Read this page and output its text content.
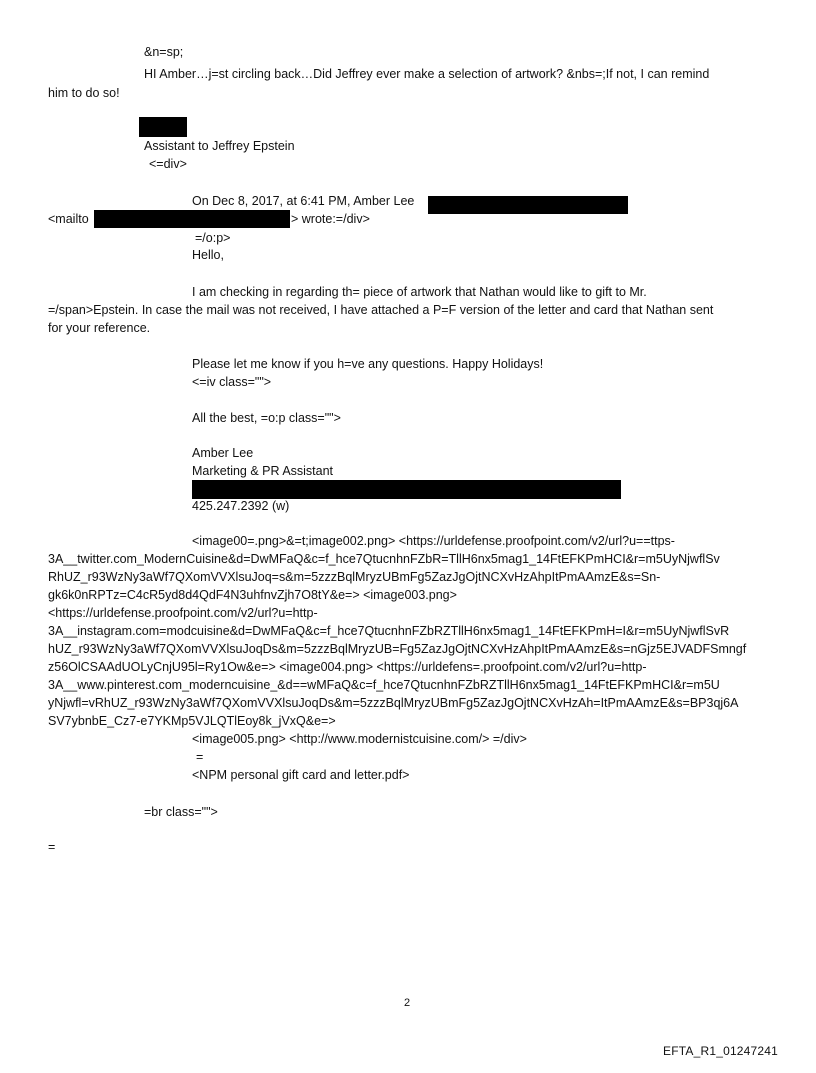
&n=sp;
HI Amber…j=st circling back…Did Jeffrey ever make a selection of artwork? &nbs=;If not, I can remind
him to do so!
Assistant to Jeffrey Epstein
<=div>
On Dec 8, 2017, at 6:41 PM, Amber Lee
<mailto	> wrote:=/div>
=/o:p>
Hello,
I am checking in regarding th= piece of artwork that Nathan would like to gift to Mr.
=/span>Epstein. In case the mail was not received, I have attached a P=F version of the letter and card that Nathan sent
for your reference.
Please let me know if you h=ve any questions. Happy Holidays!
<=iv class="">
All the best, =o:p class="">
Amber Lee
Marketing & PR Assistant
425.247.2392 (w)
<image00=.png>&=t;image002.png> <https://urldefense.proofpoint.com/v2/url?u==ttps-
3A__twitter.com_ModernCuisine&d=DwMFaQ&c=f_hce7QtucnhnFZbR=TllH6nx5mag1_14FtEFKPmHCI&r=m5UyNjwflSv
RhUZ_r93WzNy3aWf7QXomVVXlsuJoq=s&m=5zzzBqlMryzUBmFg5ZazJgOjtNCXvHzAhpItPmAAmzE&s=Sn-
gk6k0nRPTz=C4cR5yd8d4QdF4N3uhfnvZjh7O8tY&e=> <image003.png>
<https://urldefense.proofpoint.com/v2/url?u=http-
3A__instagram.com=modcuisine&d=DwMFaQ&c=f_hce7QtucnhnFZbRZTllH6nx5mag1_14FtEFKPmH=I&r=m5UyNjwflSvR
hUZ_r93WzNy3aWf7QXomVVXlsuJoqDs&m=5zzzBqlMryzUB=Fg5ZazJgOjtNCXvHzAhpItPmAAmzE&s=nGjz5EJVADFSmngf
z56OlCSAAdUOLyCnjU95l=Ry1Ow&e=> <image004.png> <https://urldefens=.proofpoint.com/v2/url?u=http-
3A__www.pinterest.com_moderncuisine_&d==wMFaQ&c=f_hce7QtucnhnFZbRZTllH6nx5mag1_14FtEFKPmHCI&r=m5U
yNjwfl=vRhUZ_r93WzNy3aWf7QXomVVXlsuJoqDs&m=5zzzBqlMryzUBmFg5ZazJgOjtNCXvHzAh=ItPmAAmzE&s=BP3qj6A
SV7ybnbE_Cz7-e7YKMp5VJLQTlEoy8k_jVxQ&e=>
<image005.png> <http://www.modernistcuisine.com/> =/div>
=
<NPM personal gift card and letter.pdf>
=br class="">
=
2
EFTA_R1_01247241
